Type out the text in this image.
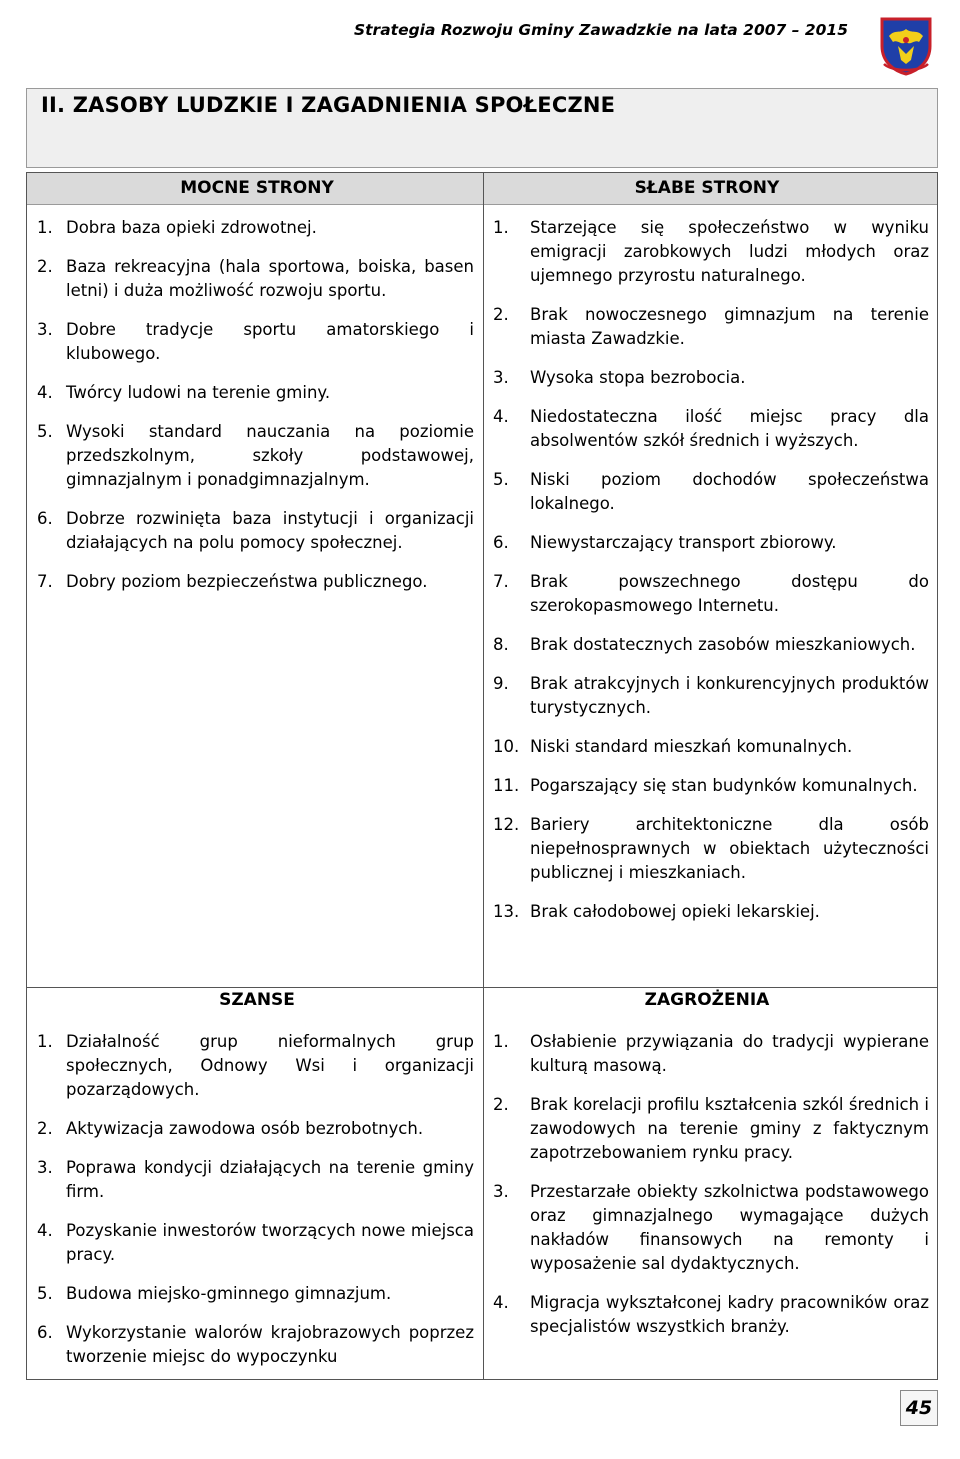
Strategia Rozwoju Gminy Zawadzkie na lata 2007 – 2015
II. ZASOBY LUDZKIE I ZAGADNIENIA SPOŁECZNE
MOCNE STRONY
1. Dobra baza opieki zdrowotnej.
2. Baza rekreacyjna (hala sportowa, boiska, basen letni) i duża możliwość rozwoju sportu.
3. Dobre tradycje sportu amatorskiego i klubowego.
4. Twórcy ludowi na terenie gminy.
5. Wysoki standard nauczania na poziomie przedszkolnym, szkoły podstawowej, gimnazjalnym i ponadgimnazjalnym.
6. Dobrze rozwinięta baza instytucji i organizacji działających na polu pomocy społecznej.
7. Dobry poziom bezpieczeństwa publicznego.
SŁABE STRONY
1. Starzejące się społeczeństwo w wyniku emigracji zarobkowych ludzi młodych oraz ujemnego przyrostu naturalnego.
2. Brak nowoczesnego gimnazjum na terenie miasta Zawadzkie.
3. Wysoka stopa bezrobocia.
4. Niedostateczna ilość miejsc pracy dla absolwentów szkół średnich i wyższych.
5. Niski poziom dochodów społeczeństwa lokalnego.
6. Niewystarczający transport zbiorowy.
7. Brak powszechnego dostępu do szerokopasmowego Internetu.
8. Brak dostatecznych zasobów mieszkaniowych.
9. Brak atrakcyjnych i konkurencyjnych produktów turystycznych.
10. Niski standard mieszkań komunalnych.
11. Pogarszający się stan budynków komunalnych.
12. Bariery architektoniczne dla osób niepełnosprawnych w obiektach użyteczności publicznej i mieszkaniach.
13. Brak całodobowej opieki lekarskiej.
SZANSE
1. Działalność grup nieformalnych grup społecznych, Odnowy Wsi i organizacji pozarządowych.
2. Aktywizacja zawodowa osób bezrobotnych.
3. Poprawa kondycji działających na terenie gminy firm.
4. Pozyskanie inwestorów tworzących nowe miejsca pracy.
5. Budowa miejsko-gminnego gimnazjum.
6. Wykorzystanie walorów krajobrazowych poprzez tworzenie miejsc do wypoczynku
ZAGROŻENIA
1. Osłabienie przywiązania do tradycji wypierane kulturą masową.
2. Brak korelacji profilu kształcenia szkól średnich i zawodowych na terenie gminy z faktycznym zapotrzebowaniem rynku pracy.
3. Przestarzałe obiekty szkolnictwa podstawowego oraz gimnazjalnego wymagające dużych nakładów finansowych na remonty i wyposażenie sal dydaktycznych.
4. Migracja wykształconej kadry pracowników oraz specjalistów wszystkich branży.
45
